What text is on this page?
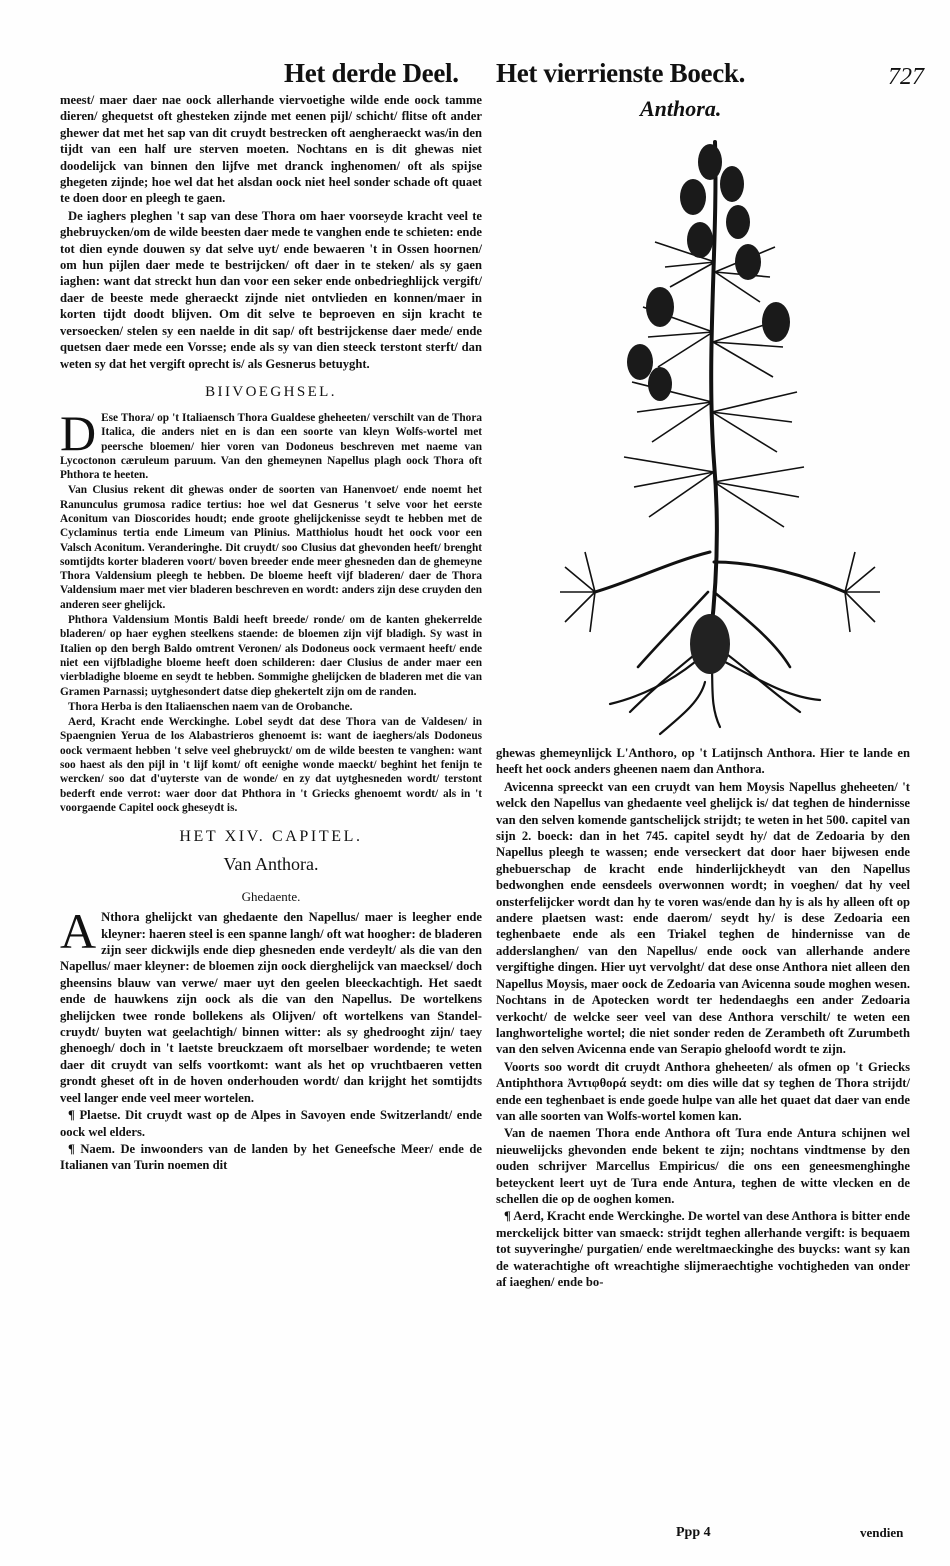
Het derde Deel. Het vierrienste Boeck.	727

meest/ maer daer nae oock allerhande viervoetighe wilde ende oock tamme dieren/ ghequetst oft ghesteken zijnde met eenen pijl/ schicht/ flitse oft ander ghewer dat met het sap van dit cruydt bestrecken oft aengheraeckt was/in den tijdt van een half ure sterven moeten. Nochtans en is dit ghewas niet doodelijck van binnen den lijfve met dranck inghenomen/ oft als spijse ghegeten zijnde; hoe wel dat het alsdan oock niet heel sonder schade oft quaet te doen door en pleegh te gaen.

De iaghers pleghen 't sap van dese Thora om haer voorseyde kracht veel te ghebruycken/om de wilde beesten daer mede te vanghen ende te schieten: ende tot dien eynde douwen sy dat selve uyt/ ende bewaeren 't in Ossen hoornen/ om hun pijlen daer mede te bestrijcken/ oft daer in te steken/ als sy gaen iaghen: want dat streckt hun dan voor een seker ende onbedrieghlijck vergift/ daer de beeste mede gheraeckt zijnde niet ontvlieden en konnen/maer in korten tijdt doodt blijven. Om dit selve te beproeven en sijn kracht te versoecken/ stelen sy een naelde in dit sap/ oft bestrijckense daer mede/ ende quetsen daer mede een Vorsse; ende als sy van dien steeck terstont sterft/ dan weten sy dat het vergift oprecht is/ als Gesnerus betuyght.

BIIVOEGHSEL.

D Ese Thora/ op 't Italiaensch Thora Gualdese gheheeten/ verschilt van de Thora Italica, die anders niet en is dan een soorte van kleyn Wolfs-wortel met peersche bloemen/ hier voren van Dodoneus beschreven met naeme van Lycoctonon cæruleum paruum. Van den ghemeynen Napellus plagh oock Thora oft Phthora te heeten.

Van Clusius rekent dit ghewas onder de soorten van Hanenvoet/ ende noemt het Ranunculus grumosa radice tertius: hoe wel dat Gesnerus 't selve voor het eerste Aconitum van Dioscorides houdt; ende groote ghelijckenisse seydt te hebben met de Cyclaminus tertia ende Limeum van Plinius. Matthiolus houdt het oock voor een Valsch Aconitum. Veranderinghe. Dit cruydt/ soo Clusius dat ghevonden heeft/ brenght somtijdts korter bladeren voort/ boven breeder ende meer ghesneden dan de ghemeyne Thora Valdensium pleegh te hebben. De bloeme heeft vijf bladeren/ daer de Thora Valdensium maer met vier bladeren beschreven en wordt: anders zijn dese cruyden den anderen seer ghelijck.

Phthora Valdensium Montis Baldi heeft breede/ ronde/ om de kanten ghekerrelde bladeren/ op haer eyghen steelkens staende: de bloemen zijn vijf bladigh. Sy wast in Italien op den bergh Baldo omtrent Veronen/ als Dodoneus oock vermaent heeft/ ende niet een vijfbladighe bloeme heeft doen schilderen: daer Clusius de ander maer een vierbladighe bloeme en seydt te hebben. Sommighe ghelijcken de bladeren met die van Gramen Parnassi; uytghesondert datse diep ghekertelt zijn om de randen.

Thora Herba is den Italiaenschen naem van de Orobanche.

Aerd, Kracht ende Werckinghe. Lobel seydt dat dese Thora van de Valdesen/ in Spaengnien Yerua de los Alabastrieros ghenoemt is: want de iaeghers/als Dodoneus oock vermaent hebben 't selve veel ghebruyckt/ om de wilde beesten te vanghen: want soo haest als den pijl in 't lijf komt/ oft eenighe wonde maeckt/ beghint het fenijn te wercken/ soo dat d'uyterste van de wonde/ en zy dat uytghesneden wordt/ terstont bederft ende verrot: waer door dat Phthora in 't Griecks ghenoemt wordt/ als in 't voorgaende Capitel oock gheseydt is.

HET XIV. CAPITEL.
Van Anthora.
Ghedaente.

A Nthora ghelijckt van ghedaente den Napellus/ maer is leegher ende kleyner: haeren steel is een spanne langh/ oft wat hoogher: de bladeren zijn seer dickwijls ende diep ghesneden ende verdeylt/ als die van den Napellus/ maer kleyner: de bloemen zijn oock dierghelijck van maecksel/ doch gheensins blauw van verwe/ maer uyt den geelen bleeckachtigh. Het saedt ende de hauwkens zijn oock als die van den Napellus. De wortelkens ghelijcken twee ronde bollekens als Olijven/ oft wortelkens van Standel-cruydt/ buyten wat geelachtigh/ binnen witter: als sy ghedrooght zijn/ taey ghenoegh/ doch in 't laetste breuckzaem oft morselbaer wordende; te weten daer dit cruydt van selfs voortkomt: want als het op vruchtbaeren vetten grondt gheset oft in de hoven onderhouden wordt/ dan krijght het somtijdts veel langer ende veel meer wortelen.

¶ Plaetse. Dit cruydt wast op de Alpes in Savoyen ende Switzerlandt/ ende oock wel elders.

¶ Naem. De inwoonders van de landen by het Geneefsche Meer/ ende de Italianen van Turin noemen dit

Anthora.

ghewas ghemeynlijck L'Anthoro, op 't Latijnsch Anthora. Hier te lande en heeft het oock anders gheenen naem dan Anthora.

Avicenna spreeckt van een cruydt van hem Moysis Napellus gheheeten/ 't welck den Napellus van ghedaente veel ghelijck is/ dat teghen de hindernisse van den selven komende gantschelijck strijdt; te weten in het 500. capitel van sijn 2. boeck: dan in het 745. capitel seydt hy/ dat de Zedoaria by den Napellus pleegh te wassen; ende verseckert dat door haer bijwesen ende ghebuerschap de kracht ende hinderlijckheydt van den Napellus bedwonghen ende eensdeels overwonnen wordt; in voeghen/ dat hy veel onsterfelijcker wordt dan hy te voren was/ende dan hy is als hy alleen oft op andere plaetsen wast: ende daerom/ seydt hy/ is dese Zedoaria een teghenbaete ende als een Triakel teghen de hindernisse van de adderslanghen/ van den Napellus/ ende oock van allerhande andere vergiftighe dingen. Hier uyt vervolght/ dat dese onse Anthora niet alleen den Napellus Moysis, maer oock de Zedoaria van Avicenna soude moghen wesen. Nochtans in de Apotecken wordt ter hedendaeghs een ander Zedoaria verkocht/ de welcke seer veel van dese Anthora verschilt/ te weten een langhwortelighe wortel; die niet sonder reden de Zerambeth oft Zurumbeth van den selven Avicenna ende van Serapio gheloofd wordt te zijn.

Voorts soo wordt dit cruydt Anthora gheheeten/ als ofmen op 't Griecks Antiphthora Ἀντιφθορά seydt: om dies wille dat sy teghen de Thora strijdt/ ende een teghenbaet is ende goede hulpe van alle het quaet dat daer van ende van alle soorten van Wolfs-wortel komen kan.

Van de naemen Thora ende Anthora oft Tura ende Antura schijnen wel nieuwelijcks ghevonden ende bekent te zijn; nochtans vindtmense by den ouden schrijver Marcellus Empiricus/ die ons een geneesmenghinghe beteyckent leert uyt de Tura ende Antura, teghen de witte vlecken en de schellen die op de ooghen komen.

¶ Aerd, Kracht ende Werckinghe. De wortel van dese Anthora is bitter ende merckelijck bitter van smaeck: strijdt teghen allerhande vergift: is bequaem tot suyveringhe/ purgatien/ ende wereltmaeckinghe des buycks: want sy kan de waterachtighe oft wreachtighe slijmeraechtighe vochtigheden van onder af iaeghen/ ende bo-

Ppp 4	vendien
